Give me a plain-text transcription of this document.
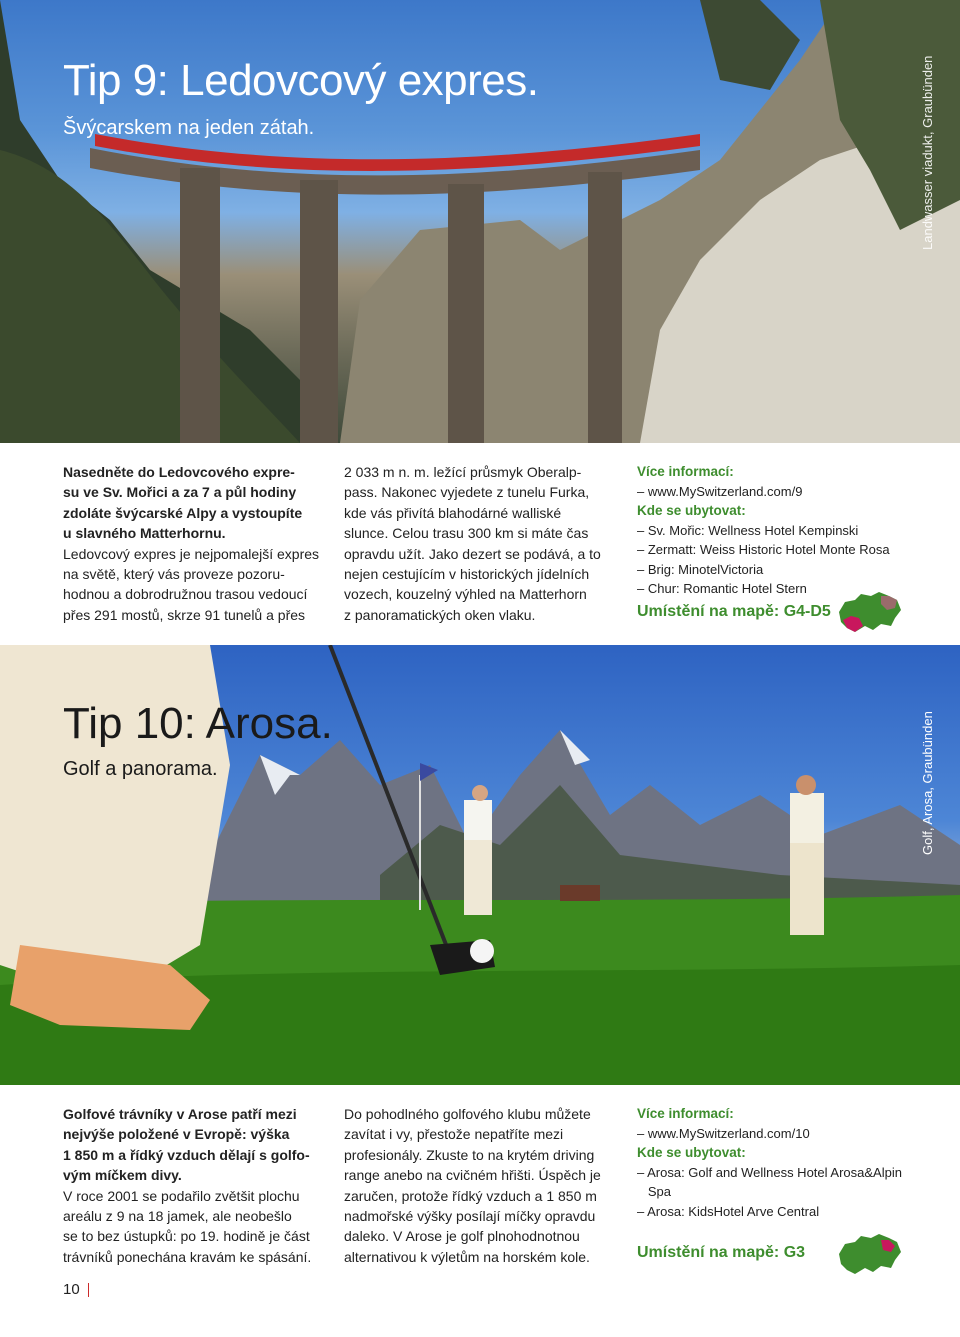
Tip 9: Ledovcový expres.
Švýcarskem na jeden zátah.	Landwasser viadukt, Graubünden

Nasedněte do Ledovcového expre-

su ve Sv. Mořici a za 7 a půl hodiny

zdoláte švýcarské Alpy a vystoupíte

u slavného Matterhornu.

Ledovcový expres je nejpomalejší expres

na světě, který vás proveze pozoru-

hodnou a dobrodružnou trasou vedoucí

přes 291 mostů, skrze 91 tunelů a přes

2 033 m n. m. ležící průsmyk Oberalp-

pass. Nakonec vyjedete z tunelu Furka,

kde vás přivítá blahodárné walliské

slunce. Celou trasu 300 km si máte čas

opravdu užít. Jako dezert se podává, a to

nejen cestujícím v historických jídelních

vozech, kouzelný výhled na Matterhorn

z panoramatických oken vlaku.

Více informací:

– www.MySwitzerland.com/9

Kde se ubytovat:

– Sv. Mořic: Wellness Hotel Kempinski

– Zermatt: Weiss Historic Hotel Monte Rosa

– Brig: MinotelVictoria

– Chur: Romantic Hotel Stern

Umístění na mapě: G4-D5
Tip 10: Arosa.
Golf a panorama.	Golf, Arosa, Graubünden

Golfové trávníky v Arose patří mezi

nejvýše položené v Evropě: výška

1 850 m a řídký vzduch dělají s golfo-

vým míčkem divy.

V roce 2001 se podařilo zvětšit plochu

areálu z 9 na 18 jamek, ale neobešlo

se to bez ústupků: po 19. hodině je část

trávníků ponechána kravám ke spásání.

Do pohodlného golfového klubu můžete

zavítat i vy, přestože nepatříte mezi

profesionály. Zkuste to na krytém driving

range anebo na cvičném hřišti. Úspěch je

zaručen, protože řídký vzduch a 1 850 m

nadmořské výšky posílají míčky opravdu

daleko. V Arose je golf plnohodnotnou

alternativou k výletům na horském kole.

Více informací:

– www.MySwitzerland.com/10

Kde se ubytovat:

– Arosa: Golf and Wellness Hotel Arosa&Alpin

Spa

– Arosa: KidsHotel Arve Central

Umístění na mapě: G3
10
